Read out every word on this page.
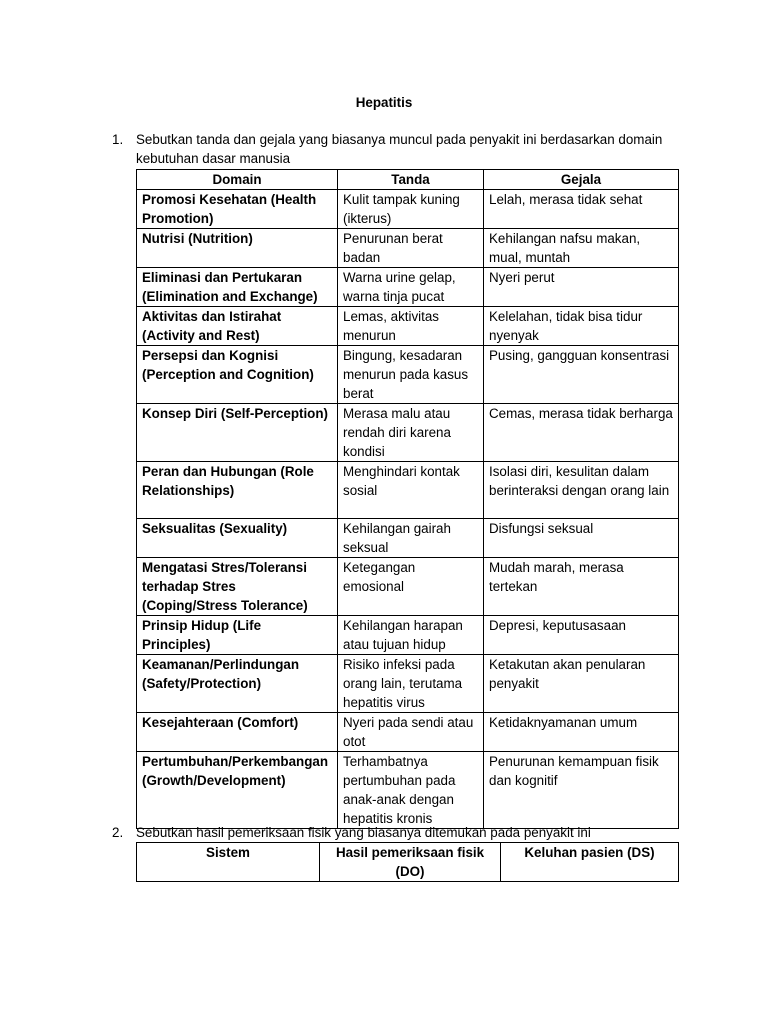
Hepatitis
1. Sebutkan tanda dan gejala yang biasanya muncul pada penyakit ini berdasarkan domain kebutuhan dasar manusia
Domain	Tanda	Gejala
Promosi Kesehatan (Health Promotion)	Kulit tampak kuning (ikterus)	Lelah, merasa tidak sehat
Nutrisi (Nutrition)	Penurunan berat badan	Kehilangan nafsu makan, mual, muntah
Eliminasi dan Pertukaran (Elimination and Exchange)	Warna urine gelap, warna tinja pucat	Nyeri perut
Aktivitas dan Istirahat (Activity and Rest)	Lemas, aktivitas menurun	Kelelahan, tidak bisa tidur nyenyak
Persepsi dan Kognisi (Perception and Cognition)	Bingung, kesadaran menurun pada kasus berat	Pusing, gangguan konsentrasi
Konsep Diri (Self-Perception)	Merasa malu atau rendah diri karena kondisi	Cemas, merasa tidak berharga
Peran dan Hubungan (Role Relationships)	Menghindari kontak sosial	Isolasi diri, kesulitan dalam berinteraksi dengan orang lain
Seksualitas (Sexuality)	Kehilangan gairah seksual	Disfungsi seksual
Mengatasi Stres/Toleransi terhadap Stres (Coping/Stress Tolerance)	Ketegangan emosional	Mudah marah, merasa tertekan
Prinsip Hidup (Life Principles)	Kehilangan harapan atau tujuan hidup	Depresi, keputusasaan
Keamanan/Perlindungan (Safety/Protection)	Risiko infeksi pada orang lain, terutama hepatitis virus	Ketakutan akan penularan penyakit
Kesejahteraan (Comfort)	Nyeri pada sendi atau otot	Ketidaknyamanan umum
Pertumbuhan/Perkembangan (Growth/Development)	Terhambatnya pertumbuhan pada anak-anak dengan hepatitis kronis	Penurunan kemampuan fisik dan kognitif
2. Sebutkan hasil pemeriksaan fisik yang biasanya ditemukan pada penyakit ini
Sistem	Hasil pemeriksaan fisik (DO)	Keluhan pasien (DS)
